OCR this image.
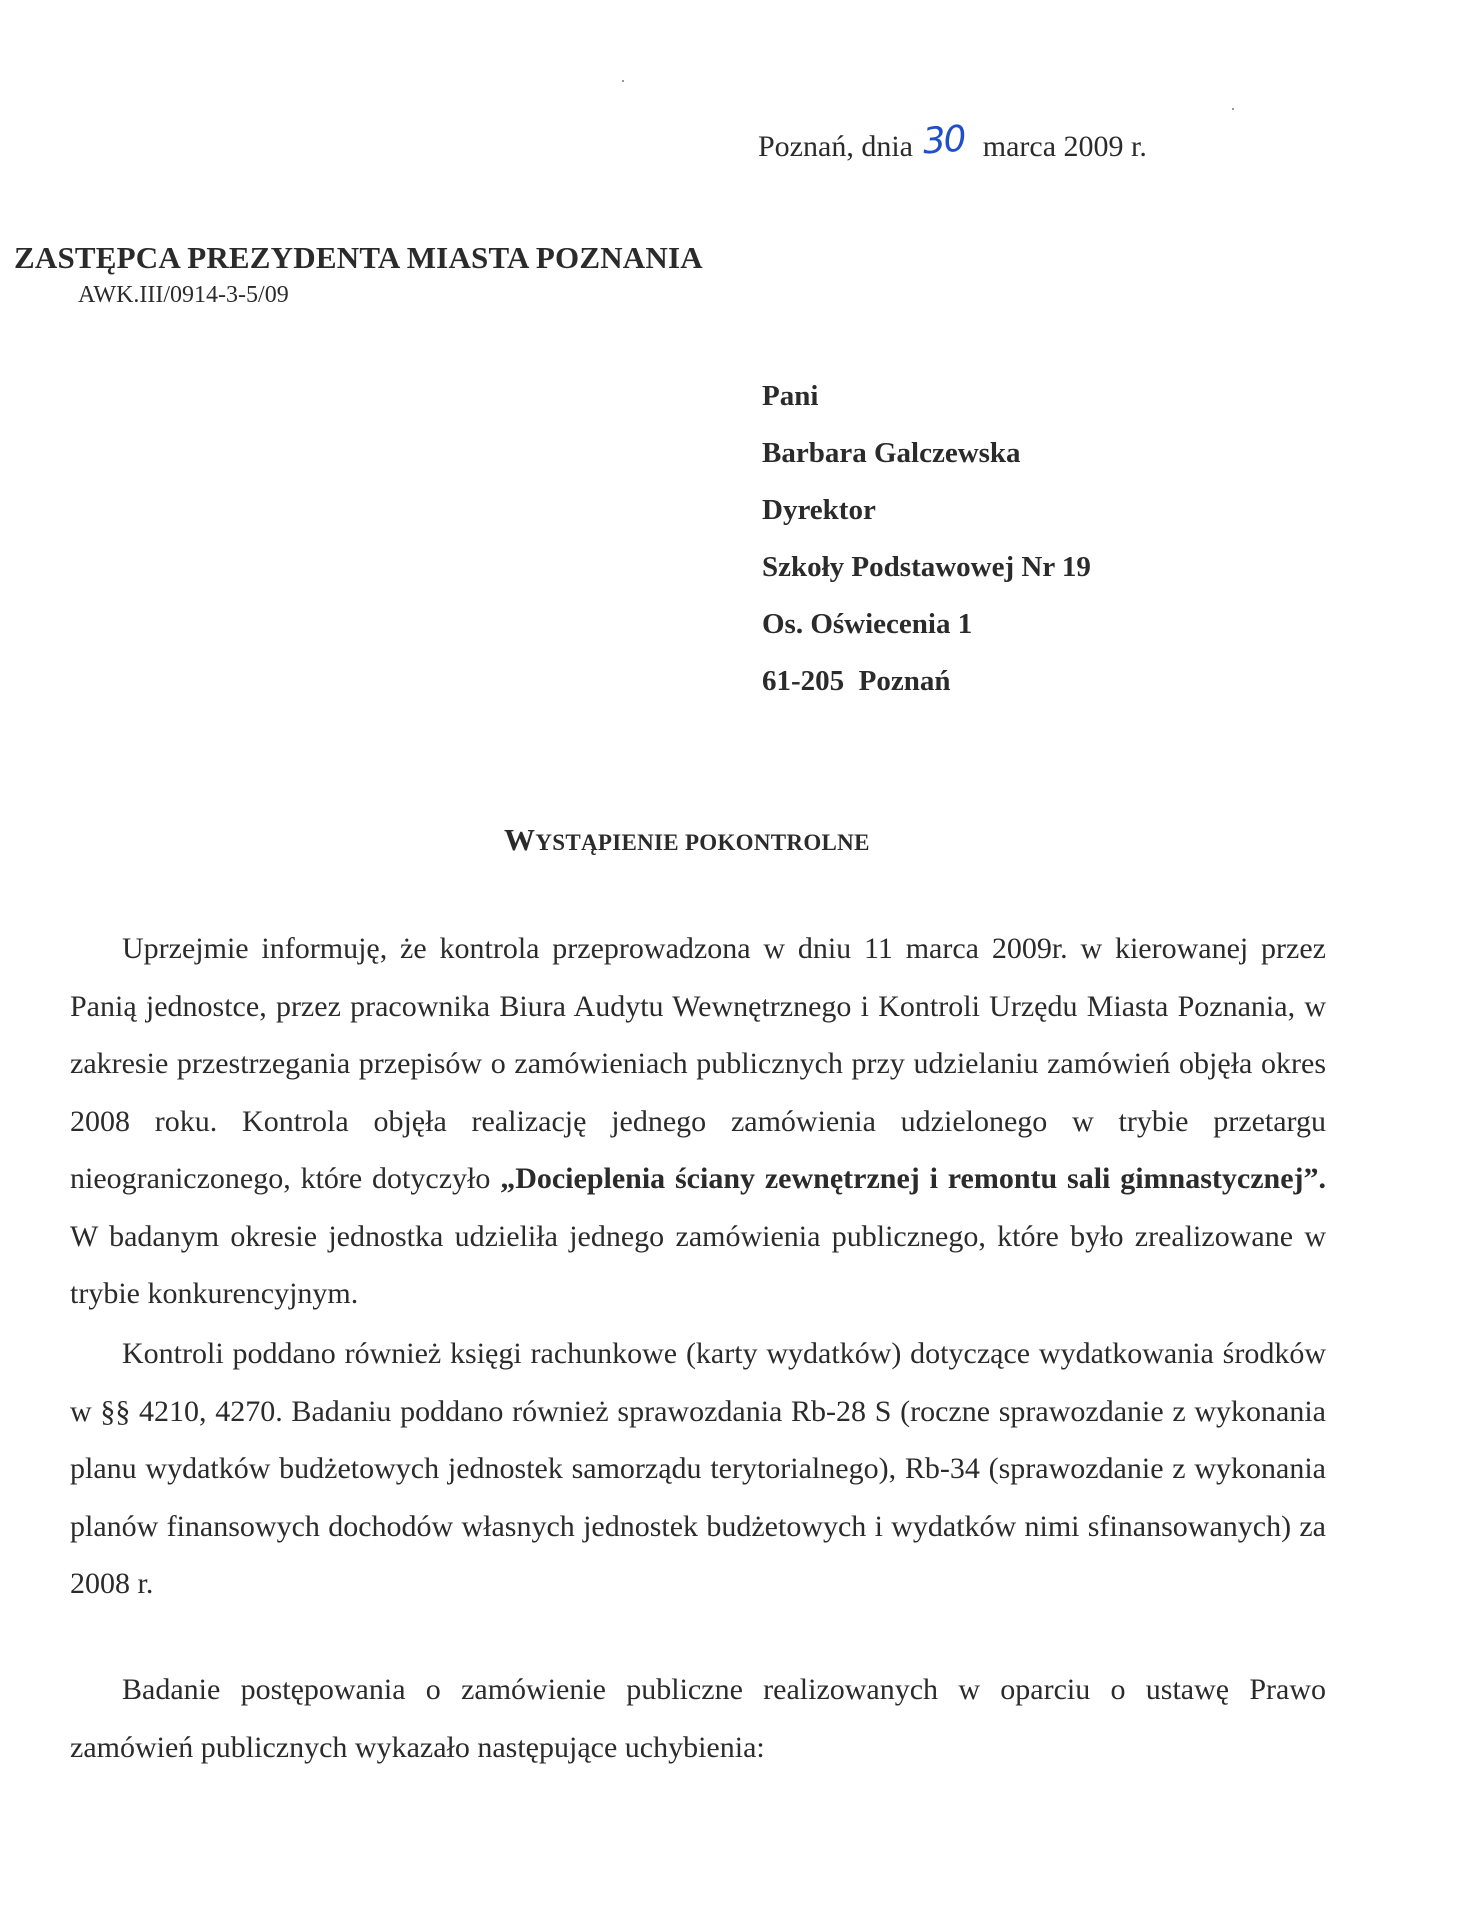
Poznań, dnia 30 marca 2009 r.
ZASTĘPCA PREZYDENTA MIASTA POZNANIA
AWK.III/0914-3-5/09
Pani
Barbara Galczewska
Dyrektor
Szkoły Podstawowej Nr 19
Os. Oświecenia 1
61-205  Poznań
WYSTĄPIENIE POKONTROLNE
Uprzejmie informuję, że kontrola przeprowadzona w dniu 11 marca 2009r. w kierowanej przez Panią jednostce, przez pracownika Biura Audytu Wewnętrznego i Kontroli Urzędu Miasta Poznania, w zakresie przestrzegania przepisów o zamówieniach publicznych przy udzielaniu zamówień objęła okres 2008 roku. Kontrola objęła realizację jednego zamówienia udzielonego w trybie przetargu nieograniczonego, które dotyczyło „Docieplenia ściany zewnętrznej i remontu sali gimnastycznej”. W badanym okresie jednostka udzieliła jednego zamówienia publicznego, które było zrealizowane w trybie konkurencyjnym.
Kontroli poddano również księgi rachunkowe (karty wydatków) dotyczące wydatkowania środków w §§ 4210, 4270. Badaniu poddano również sprawozdania Rb-28 S (roczne sprawozdanie z wykonania planu wydatków budżetowych jednostek samorządu terytorialnego), Rb-34 (sprawozdanie z wykonania planów finansowych dochodów własnych jednostek budżetowych i wydatków nimi sfinansowanych) za 2008 r.
Badanie postępowania o zamówienie publiczne realizowanych w oparciu o ustawę Prawo zamówień publicznych wykazało następujące uchybienia:
